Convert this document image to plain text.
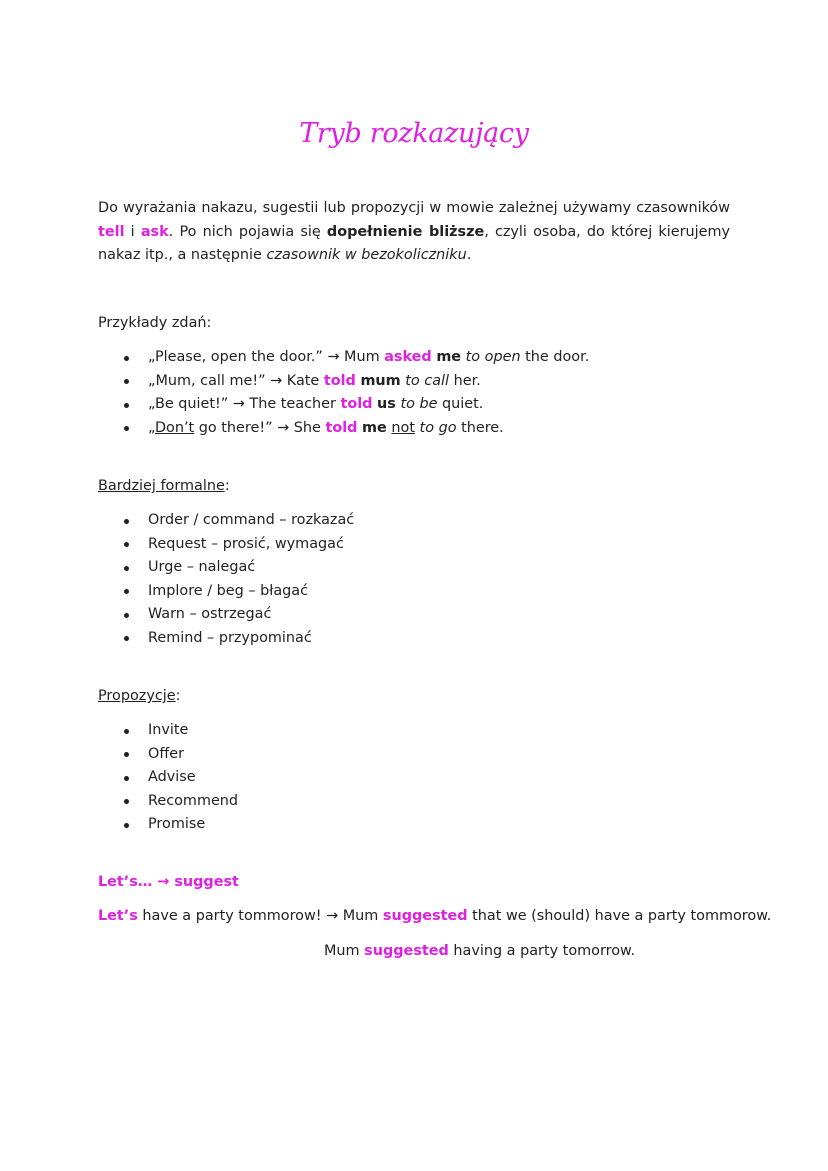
Tryb rozkazujący
Do wyrażania nakazu, sugestii lub propozycji w mowie zależnej używamy czasowników tell i ask. Po nich pojawia się dopełnienie bliższe, czyli osoba, do której kierujemy nakaz itp., a następnie czasownik w bezokoliczniku.
Przykłady zdań:
„Please, open the door.” → Mum asked me to open the door.
„Mum, call me!” → Kate told mum to call her.
„Be quiet!” → The teacher told us to be quiet.
„Don’t go there!” → She told me not to go there.
Bardziej formalne:
Order / command – rozkazać
Request – prosić, wymagać
Urge – nalegać
Implore / beg – błagać
Warn – ostrzegać
Remind – przypominać
Propozycje:
Invite
Offer
Advise
Recommend
Promise
Let’s… → suggest
Let’s have a party tommorow! → Mum suggested that we (should) have a party tommorow.
Mum suggested having a party tomorrow.
